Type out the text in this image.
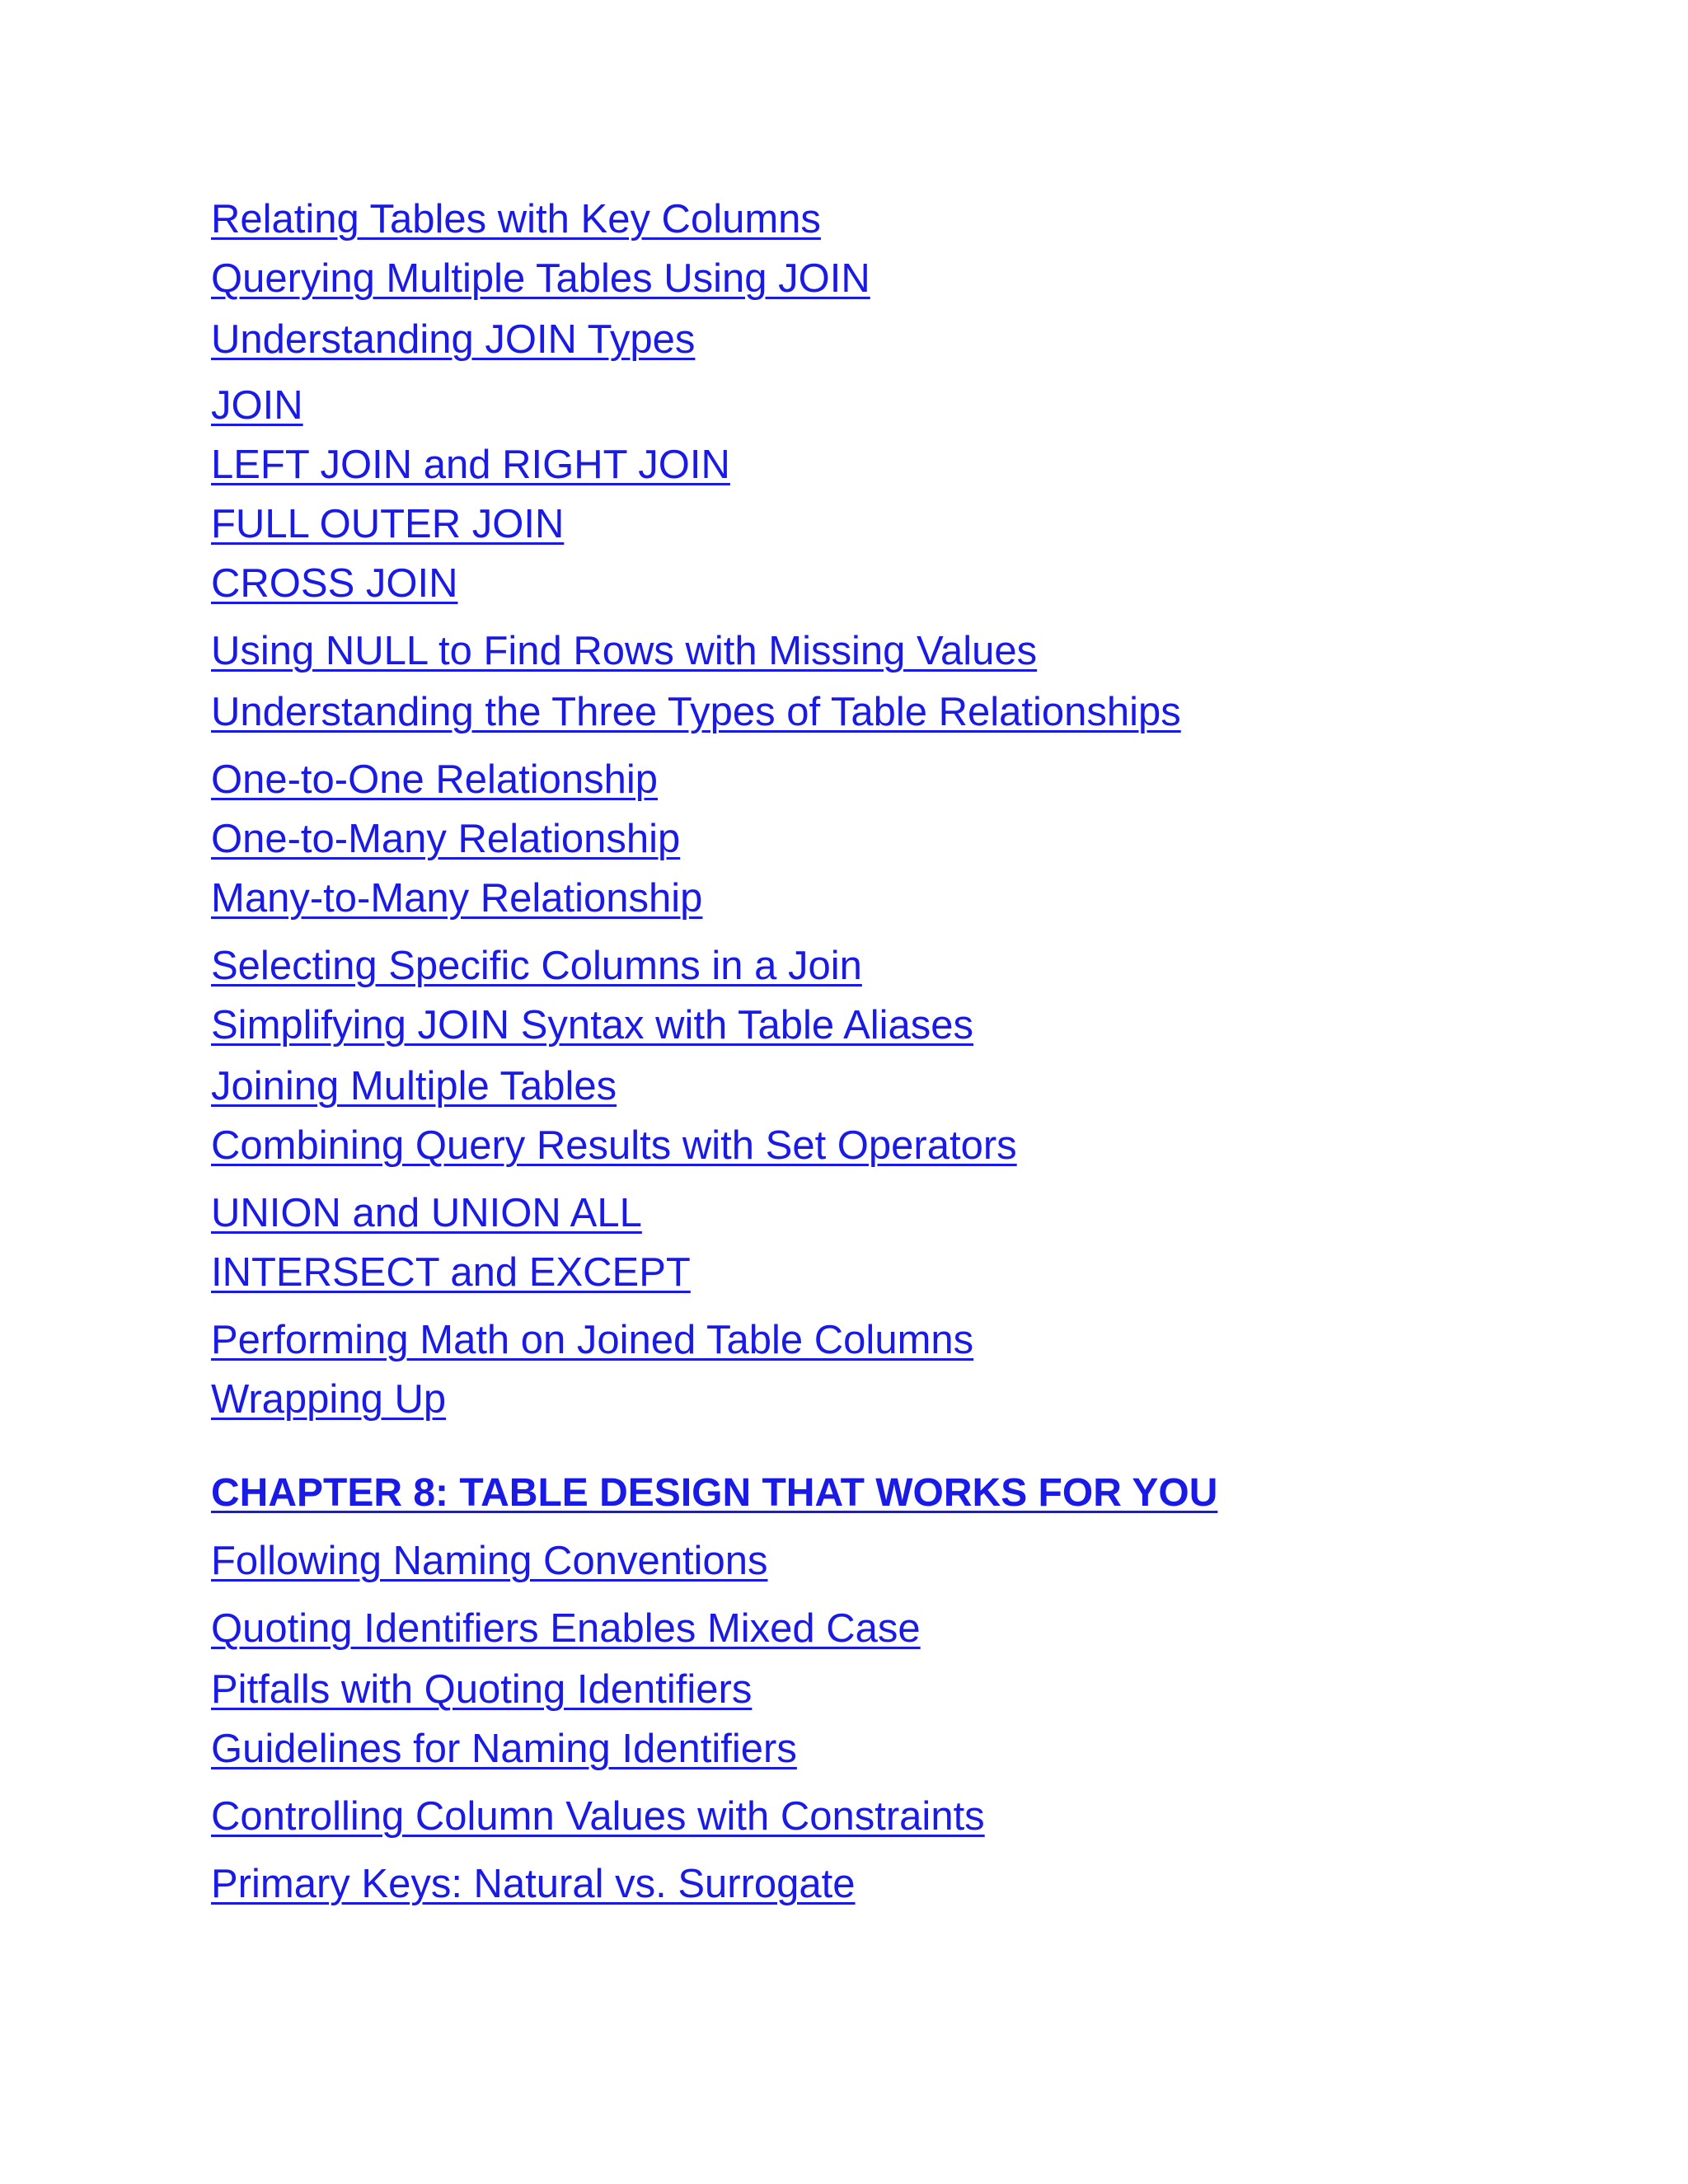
Relating Tables with Key Columns
Querying Multiple Tables Using JOIN
Understanding JOIN Types
JOIN
LEFT JOIN and RIGHT JOIN
FULL OUTER JOIN
CROSS JOIN
Using NULL to Find Rows with Missing Values
Understanding the Three Types of Table Relationships
One-to-One Relationship
One-to-Many Relationship
Many-to-Many Relationship
Selecting Specific Columns in a Join
Simplifying JOIN Syntax with Table Aliases
Joining Multiple Tables
Combining Query Results with Set Operators
UNION and UNION ALL
INTERSECT and EXCEPT
Performing Math on Joined Table Columns
Wrapping Up
CHAPTER 8: TABLE DESIGN THAT WORKS FOR YOU
Following Naming Conventions
Quoting Identifiers Enables Mixed Case
Pitfalls with Quoting Identifiers
Guidelines for Naming Identifiers
Controlling Column Values with Constraints
Primary Keys: Natural vs. Surrogate
